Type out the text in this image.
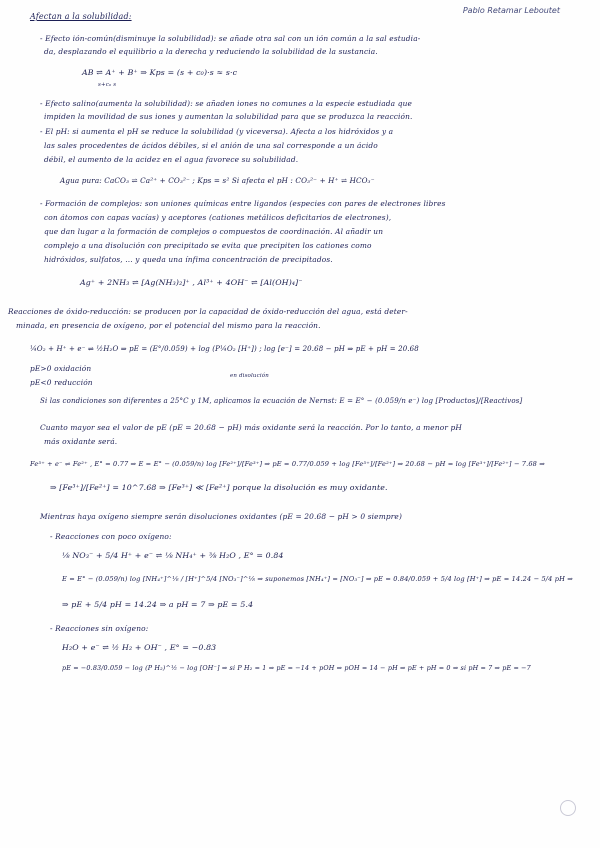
Pablo Retamar Leboutet
Afectan a la solubilidad:
- Efecto ión-común(disminuye la solubilidad): se añade otra sal con un ión común a la sal estudia-
da, desplazando el equilibrio a la derecha y reduciendo la solubilidad de la sustancia.
AB ⇌ A⁺ + B⁺ ⇒ Kps = (s + c₀)·s ≈ s·c
s+c₀ s
- Efecto salino(aumenta la solubilidad): se añaden iones no comunes a la especie estudiada que
impiden la movilidad de sus iones y aumentan la solubilidad para que se produzca la reacción.
- El pH: si aumenta el pH se reduce la solubilidad (y viceversa). Afecta a los hidróxidos y a
las sales procedentes de ácidos débiles, si el anión de una sal corresponde a un ácido
débil, el aumento de la acidez en el agua favorece su solubilidad.
Agua pura: CaCO₃ ⇌ Ca²⁺ + CO₃²⁻ ; Kps = s² Si afecta el pH : CO₃²⁻ + H⁺ ⇌ HCO₃⁻
- Formación de complejos: son uniones químicas entre ligandos (especies con pares de electrones libres
con átomos con capas vacías) y aceptores (cationes metálicos deficitarios de electrones),
que dan lugar a la formación de complejos o compuestos de coordinación. Al añadir un
complejo a una disolución con precipitado se evita que precipiten los cationes como
hidróxidos, sulfatos, ... y queda una ínfima concentración de precipitados.
Ag⁺ + 2NH₃ ⇌ [Ag(NH₃)₂]⁺ , Al³⁺ + 4OH⁻ ⇌ [Al(OH)₄]⁻
Reacciones de óxido-reducción: se producen por la capacidad de óxido-reducción del agua, está deter-
minada, en presencia de oxígeno, por el potencial del mismo para la reacción.
¼O₂ + H⁺ + e⁻ ⇌ ½H₂O ⇒ pE = (E°/0.059) + log (P¼O₂ [H⁺]) ; log [e⁻] = 20.68 − pH ⇒ pE + pH = 20.68
en disolución
pE>0 oxidación
pE<0 reducción
Si las condiciones son diferentes a 25°C y 1M, aplicamos la ecuación de Nernst: E = E° − (0.059/n e⁻) log [Productos]/[Reactivos]
Cuanto mayor sea el valor de pE (pE = 20.68 − pH) más oxidante será la reacción. Por lo tanto, a menor pH
más oxidante será.
Fe³⁺ + e⁻ ⇌ Fe²⁺ , E° = 0.77 ⇒ E = E° − (0.059/n) log [Fe²⁺]/[Fe³⁺] ⇒ pE = 0.77/0.059 + log [Fe³⁺]/[Fe²⁺] ⇒ 20.68 − pH = log [Fe³⁺]/[Fe²⁺] − 7.68 ⇒
⇒ [Fe³⁺]/[Fe²⁺] = 10^7.68 ⇒ [Fe³⁺] ≪ [Fe²⁺] porque la disolución es muy oxidante.
Mientras haya oxígeno siempre serán disoluciones oxidantes (pE = 20.68 − pH > 0 siempre)
- Reacciones con poco oxígeno:
⅛ NO₃⁻ + 5/4 H⁺ + e⁻ ⇌ ⅛ NH₄⁺ + ⅜ H₂O , E° = 0.84
E = E° − (0.059/n) log [NH₄⁺]^⅛ / [H⁺]^5/4 [NO₃⁻]^⅛ ⇒ suponemos [NH₄⁺] = [NO₃⁻] ⇒ pE = 0.84/0.059 + 5/4 log [H⁺] ⇒ pE = 14.24 − 5/4 pH ⇒
⇒ pE + 5/4 pH = 14.24 ⇒ a pH = 7 ⇒ pE = 5.4
- Reacciones sin oxígeno:
H₂O + e⁻ ⇌ ½ H₂ + OH⁻ , E° = −0.83
pE = −0.83/0.059 − log (P H₂)^½ − log [OH⁻] ⇒ si P H₂ = 1 ⇒ pE = −14 + pOH ⇒ pOH = 14 − pH ⇒ pE + pH = 0 ⇒ si pH = 7 ⇒ pE = −7
